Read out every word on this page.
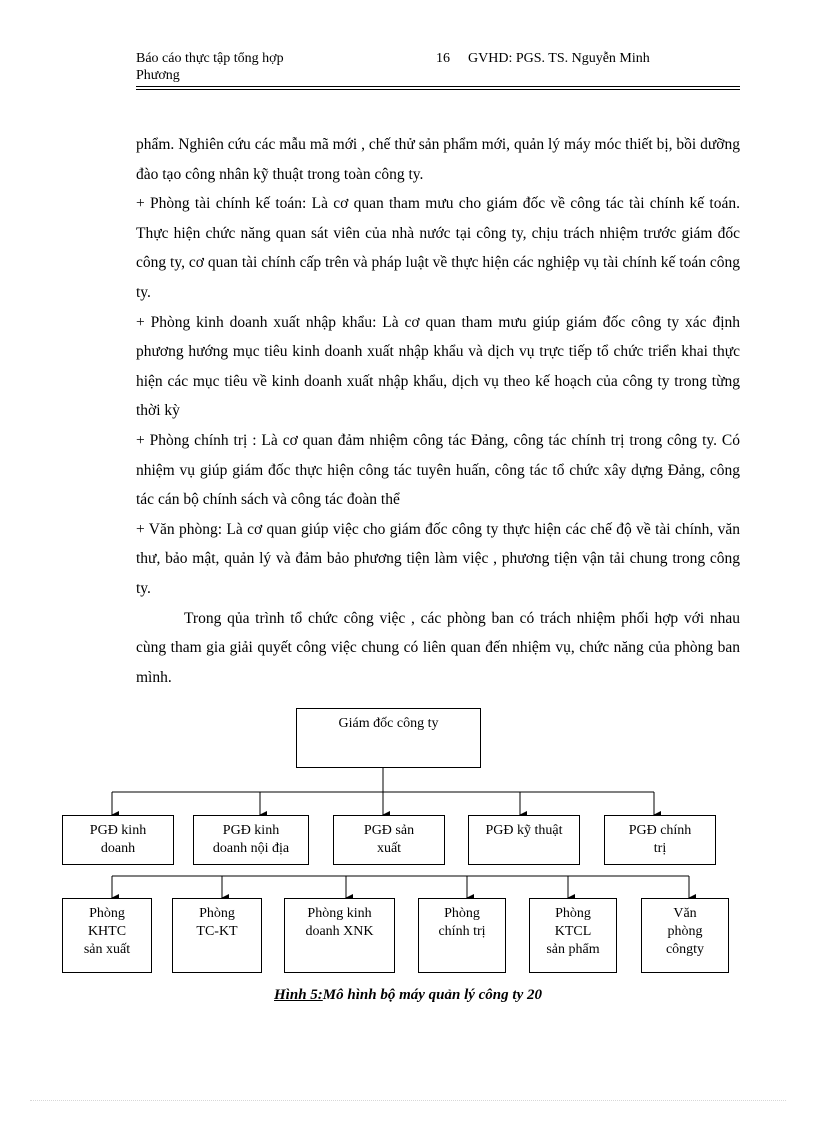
Báo cáo thực tập tổng hợp
Phương
16 GVHD: PGS. TS. Nguyễn Minh

phẩm. Nghiên cứu các mẫu mã mới , chế thử sản phẩm mới, quản lý máy móc thiết bị, bồi dưỡng đào tạo công nhân kỹ thuật trong toàn công ty.

+ Phòng tài chính kế toán: Là cơ quan tham mưu cho giám đốc về công tác tài chính kế toán. Thực hiện chức năng quan sát viên của nhà nước tại công ty, chịu trách nhiệm trước giám đốc công ty, cơ quan tài chính cấp trên và pháp luật về thực hiện các nghiệp vụ tài chính kế toán công ty.

+ Phòng kinh doanh xuất nhập khẩu: Là cơ quan tham mưu giúp giám đốc công ty xác định phương hướng mục tiêu kinh doanh xuất nhập khẩu và dịch vụ trực tiếp tổ chức triển khai thực hiện các mục tiêu về kinh doanh xuất nhập khẩu, dịch vụ theo kế hoạch của công ty trong từng thời kỳ

+ Phòng chính trị : Là cơ quan đảm nhiệm công tác Đảng, công tác chính trị trong công ty. Có nhiệm vụ giúp giám đốc thực hiện công tác tuyên huấn, công tác tổ chức xây dựng Đảng, công tác cán bộ chính sách và công tác đoàn thể

+ Văn phòng: Là cơ quan giúp việc cho giám đốc công ty thực hiện các chế độ về tài chính, văn thư, bảo mật, quản lý và đảm bảo phương tiện làm việc , phương tiện vận tải chung trong công ty.

Trong qủa trình tổ chức công việc , các phòng ban có trách nhiệm phối hợp với nhau cùng tham gia giải quyết công việc chung có liên quan đến nhiệm vụ, chức năng của phòng ban mình.

Giám đốc công ty
PGĐ kinh
doanh
PGĐ kinh
doanh nội địa
PGĐ sản
xuất
PGĐ kỹ thuật	PGĐ chính
trị
Phòng
KHTC
sản xuất
Phòng
TC-KT
Phòng kinh
doanh XNK
Phòng
chính trị
Phòng
KTCL
sản phẩm
Văn
phòng
côngty
Hình 5:Mô hình bộ máy quản lý công ty 20
